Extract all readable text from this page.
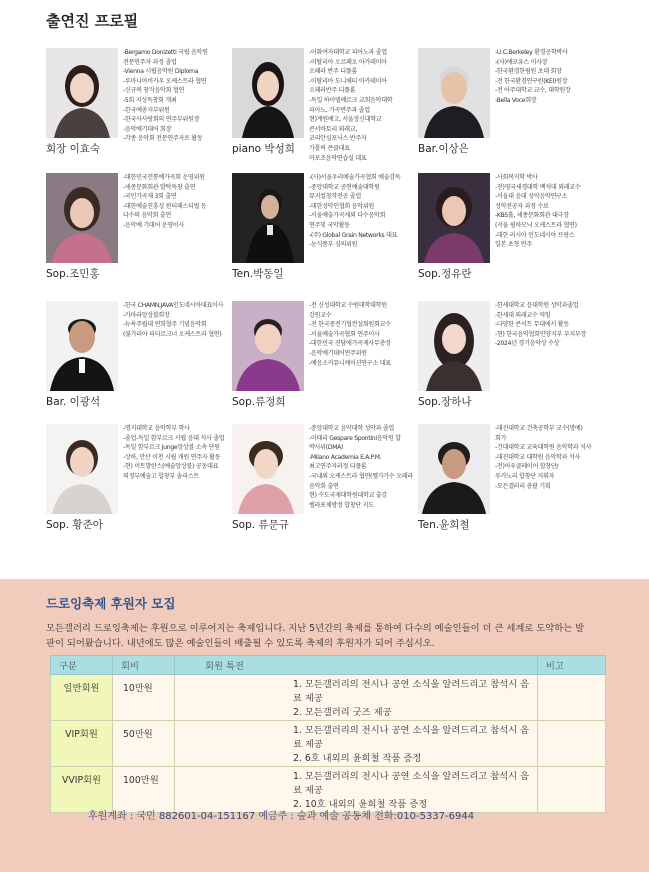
출연진 프로필
-Bergamo Donizetti 국립 음악원
전문연주자 과정 졸업
-Vienna 시립음악원 Diploma
-루마니아비카우 오케스트라 협연
-신규복 창작음악회 협연
-5회 지성독창회 개최
-한국예총지부위원
-한국사사랑회의 연주부위원장
-음악예기대어 회장
-각종 음악회 전문연주자로 활동
회장 이효숙
-이화여자대학교 피아노과 졸업
-이탈리아 오르페오 아카데미아
오페라 반주 디플롬
-이탈리아 도니체티 아카데미아
오페라반주 디플롬
-독일 하이델베르크 교회음악대학
피아노, 가곡반주과 졸업
현)계원예고, 서울장신대학교
콘서바토리 외래교,
코리안심포닉스 반주자
가톨릭 콘클대표
마포조음악연습실 대표
piano 박성희
-U.C.Berkeley 환경공학박사
-(사)에코유스 이사장
-한국환경한림원 초대 회장
-전 한국환경연구원(KEI)원장
-전 아주대학교 교수, 대학원장
-Bella Voce회장
Bar.이상은
-대한민국전통예가곡회 운영위원
-세종문화회관 발탁독창 출연
-국민가곡제 3회 출연
-대한예술진흥성 윈터페스티벌 등
다수의 음악회 출연
-음악예 기대어 운영이사
Sop.조민홍
-(사)서울우리예술가곡협회 예술감독
-중앙대학교 공연예술대학원
뮤지컬창작전공 졸업
-대한성악인협회 음악위원
-서울예술가곡제외 다수음악회
연주및 국악활동
-(주) Global Grain Networks 대표
-농식품부 심의위원
Ten.박동일
-사회복지학 박사
-전)영국세경대학 백석대 외래교수
-서울대 음대 성악음악연구소
성악전공자 과정 수료
-KBS홀, 세종문화회관 대극장
(서울 필하모닉 오케스트라 협연)
-대한 러시아 인도네시아 프랑스
일본 초청 연주
Sop.정유란
-한국 CHAMN,JAVA인도네시아대표이사
-카마라앙상블회장
-뉴욕주립대 연희협주 기념음악회
(불가리아 피터르크너 오케스트라 협연)
Bar. 이광석
-전 신성대학교 수원대학대학원
강원교수
-전 한국중전기협컨설회원회교수
-서울예술가곡협회 연주이사
-대한민국 진담에가곡제사무총장
-음악예기대어연주위원
-예음소커뮤니케이션연구소 대표
Sop.류정희
-한세대학교 음대학원 성악과졸업
-한세대 외래교수 역임
-다양한 콘서트 무대에서 활동
-현) 한국음악협회인양지부 부지부장
-2024년 경기음악상 수상
Sop.장하나
-명지대학교 음악학부 학사
-졸업-독일 함부르크 시립 음대 석사 졸업
-독일 함부르크 Junge앙상블 소속 단원
-상하, 안산 이천 시립 개원 연주자 활동
-현) 이트발란스(예술앙상블) 공동대표
의정부예술고 합창부 솔리스트
Sop. 황준아
-중앙대학교 음악대학 성악과 졸업
-이태리 Gespare Spontini음악원 합
박사위(DMA)
-Milano Academia E.A.P.M.
최고연주자과정 디플롬
-국내외 오케스트라 협연(헬가가수 오페라
음악회 출연
현) 수도국제대학원대학교 출강
벨라포체방정 합창단 지도
Sop. 류문규
-대진대학교 건축공학부 교수(명예)
회가
-건대대학교 교육대학원 음악학과 석사
-대진대학교 대학원 음악학과 석사
-전)아우클레이어 합창단/
루카노리 합창단 지휘자
-모든갤러리 총괄 기획
Ten.윤희철
드로잉축제 후원자 모집
모든갤러리 드로잉축제는 후원으로 이루어지는 축제입니다. 지난 5년간의 축제를 통하여 다수의 예술인들이 더 큰 세계로 도약하는 발
판이 되어왔습니다. 내년에도 많은 예술인들이 배출될 수 있도록 축제의 후원자가 되어 주십시오.
구분	회비	회원 특전	비고
일반회원	10만원	1. 모든갤러리의 전시나 공연 소식을 알려드리고 참석시 음료 제공
2. 모든갤러리 굿즈 제공	

VIP회원	50만원	1. 모든갤러리의 전시나 공연 소식을 알려드리고 참석시 음료 제공
2. 6호 내외의 윤희철 작품 증정	

VVIP회원	100만원	1. 모든갤러리의 전시나 공연 소식을 알려드리고 참석시 음료 제공
2. 10호 내외의 윤희철 작품 증정	

후원계좌 : 국민 882601-04-151167 예금주 : 숲과 예술 공동체 전화:010-5337-6944
